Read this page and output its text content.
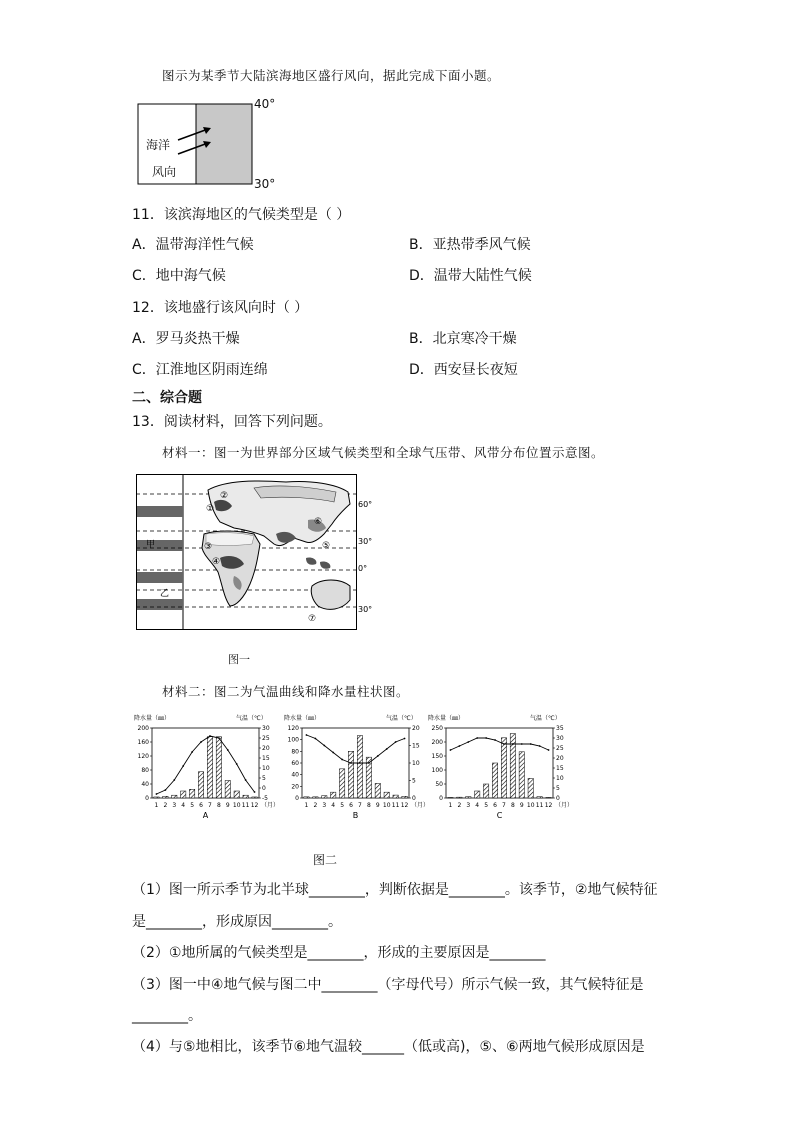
图示为某季节大陆滨海地区盛行风向，据此完成下面小题。
海洋
风向
40°
30°
11．该滨海地区的气候类型是（ ）
A．温带海洋性气候	B．亚热带季风气候
C．地中海气候	D．温带大陆性气候
12．该地盛行该风向时（ ）
A．罗马炎热干燥	B．北京寒冷干燥
C．江淮地区阴雨连绵	D．西安昼长夜短
二、综合题
13．阅读材料，回答下列问题。
材料一：图一为世界部分区域气候类型和全球气压带、风带分布位置示意图。
①
②
③
④
⑤
⑥
⑦
甲
乙
60°
30°
0°
30°
图一
材料二：图二为气温曲线和降水量柱状图。
降水量（㎜）	气温（℃）
0
40
80
120
160
200
-5
0
5
10
15
20
25
30
1 2 3 4 5 6 7 8 9 10 11 12 （月）
A
降水量（㎜）	气温（℃）
0
20
40
60
80
100
120
0
5
10
15
20
1 2 3 4 5 6 7 8 9 10 11 12 （月）
B
降水量（㎜）	气温（℃）
0
50
100
150
200
250
0
5
10
15
20
25
30
35
1 2 3 4 5 6 7 8 9 10 11 12 （月）
C
图二
（1）图一所示季节为北半球________，判断依据是________。该季节，②地气候特征
是________，形成原因________。
（2）①地所属的气候类型是________，形成的主要原因是________
（3）图一中④地气候与图二中________（字母代号）所示气候一致，其气候特征是
________。
（4）与⑤地相比，该季节⑥地气温较______（低或高)，⑤、⑥两地气候形成原因是
